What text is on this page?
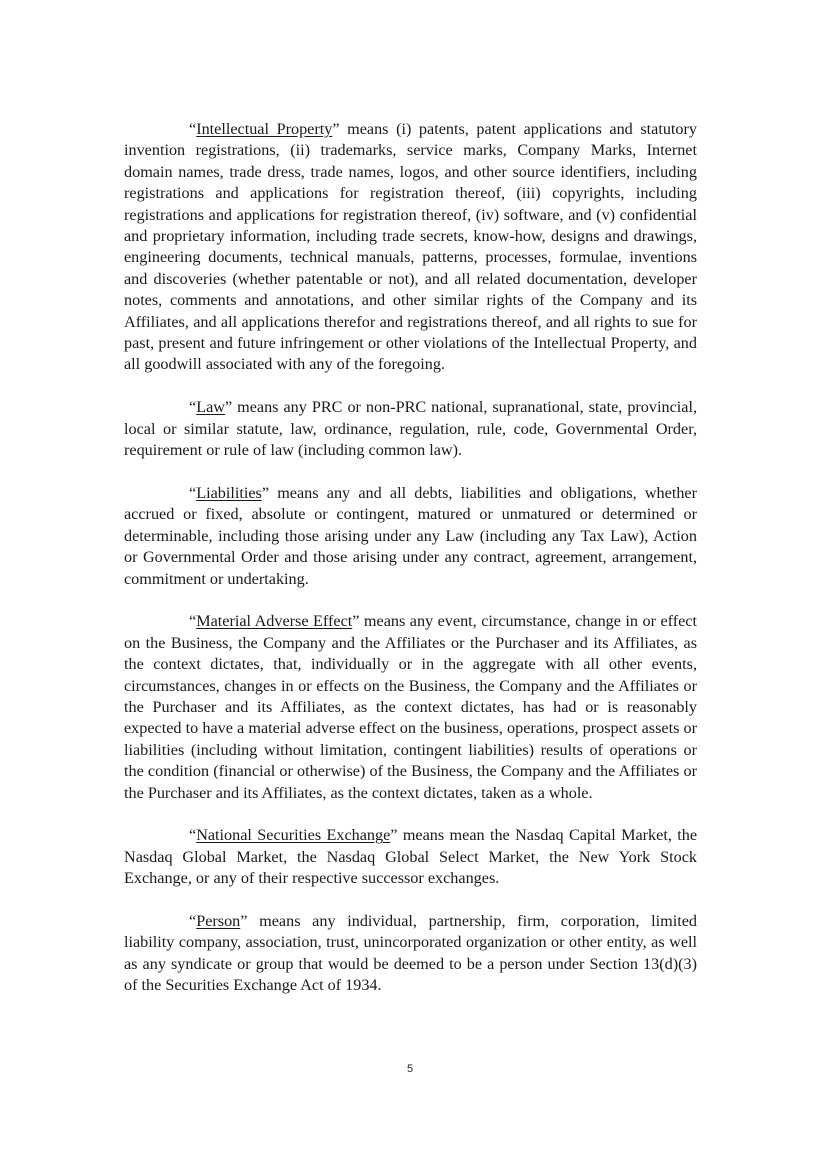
“Intellectual Property” means (i) patents, patent applications and statutory invention registrations, (ii) trademarks, service marks, Company Marks, Internet domain names, trade dress, trade names, logos, and other source identifiers, including registrations and applications for registration thereof, (iii) copyrights, including registrations and applications for registration thereof, (iv) software, and (v) confidential and proprietary information, including trade secrets, know-how, designs and drawings, engineering documents, technical manuals, patterns, processes, formulae, inventions and discoveries (whether patentable or not), and all related documentation, developer notes, comments and annotations, and other similar rights of the Company and its Affiliates, and all applications therefor and registrations thereof, and all rights to sue for past, present and future infringement or other violations of the Intellectual Property, and all goodwill associated with any of the foregoing.

“Law” means any PRC or non-PRC national, supranational, state, provincial, local or similar statute, law, ordinance, regulation, rule, code, Governmental Order, requirement or rule of law (including common law).

“Liabilities” means any and all debts, liabilities and obligations, whether accrued or fixed, absolute or contingent, matured or unmatured or determined or determinable, including those arising under any Law (including any Tax Law), Action or Governmental Order and those arising under any contract, agreement, arrangement, commitment or undertaking.

“Material Adverse Effect” means any event, circumstance, change in or effect on the Business, the Company and the Affiliates or the Purchaser and its Affiliates, as the context dictates, that, individually or in the aggregate with all other events, circumstances, changes in or effects on the Business, the Company and the Affiliates or the Purchaser and its Affiliates, as the context dictates, has had or is reasonably expected to have a material adverse effect on the business, operations, prospect assets or liabilities (including without limitation, contingent liabilities) results of operations or the condition (financial or otherwise) of the Business, the Company and the Affiliates or the Purchaser and its Affiliates, as the context dictates, taken as a whole.

“National Securities Exchange” means mean the Nasdaq Capital Market, the Nasdaq Global Market, the Nasdaq Global Select Market, the New York Stock Exchange, or any of their respective successor exchanges.

“Person” means any individual, partnership, firm, corporation, limited liability company, association, trust, unincorporated organization or other entity, as well as any syndicate or group that would be deemed to be a person under Section 13(d)(3) of the Securities Exchange Act of 1934.

5
